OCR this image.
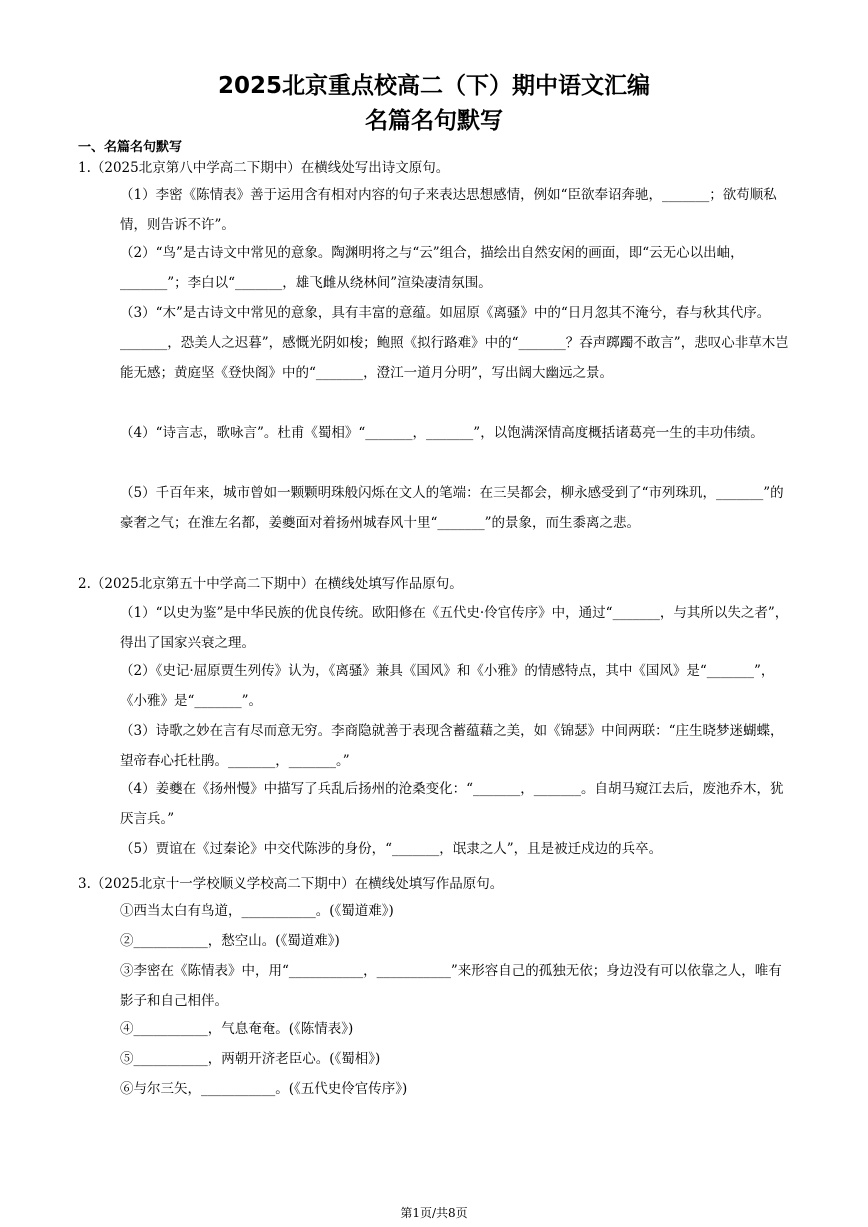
2025北京重点校高二（下）期中语文汇编
名篇名句默写
一、名篇名句默写
1.（2025北京第八中学高二下期中）在横线处写出诗文原句。
（1）李密《陈情表》善于运用含有相对内容的句子来表达思想感情，例如“臣欲奉诏奔驰，_______；欲苟顺私情，则告诉不许”。
（2）“鸟”是古诗文中常见的意象。陶渊明将之与“云”组合，描绘出自然安闲的画面，即“云无心以出岫，_______”；李白以“_______，雄飞雌从绕林间”渲染凄清氛围。
（3）“木”是古诗文中常见的意象，具有丰富的意蕴。如屈原《离骚》中的“日月忽其不淹兮，春与秋其代序。_______，恐美人之迟暮”，感慨光阴如梭；鲍照《拟行路难》中的“_______？吞声踯躅不敢言”，悲叹心非草木岂能无感；黄庭坚《登快阁》中的“_______，澄江一道月分明”，写出阔大幽远之景。
（4）“诗言志，歌咏言”。杜甫《蜀相》“_______，_______”，以饱满深情高度概括诸葛亮一生的丰功伟绩。
（5）千百年来，城市曾如一颗颗明珠般闪烁在文人的笔端：在三吴都会，柳永感受到了“市列珠玑，_______”的豪奢之气；在淮左名都，姜夔面对着扬州城春风十里“_______”的景象，而生黍离之悲。
2.（2025北京第五十中学高二下期中）在横线处填写作品原句。
（1）“以史为鉴”是中华民族的优良传统。欧阳修在《五代史·伶官传序》中，通过“_______，与其所以失之者”，得出了国家兴衰之理。
（2）《史记·屈原贾生列传》认为，《离骚》兼具《国风》和《小雅》的情感特点，其中《国风》是“_______”，《小雅》是“_______”。
（3）诗歌之妙在言有尽而意无穷。李商隐就善于表现含蓄蕴藉之美，如《锦瑟》中间两联：“庄生晓梦迷蝴蝶，望帝春心托杜鹃。_______，_______。”
（4）姜夔在《扬州慢》中描写了兵乱后扬州的沧桑变化：“_______，_______。自胡马窥江去后，废池乔木，犹厌言兵。”
（5）贾谊在《过秦论》中交代陈涉的身份，“_______，氓隶之人”，且是被迁戍边的兵卒。
3.（2025北京十一学校顺义学校高二下期中）在横线处填写作品原句。
①西当太白有鸟道，___________。(《蜀道难》)
②___________，愁空山。(《蜀道难》)
③李密在《陈情表》中，用“___________，___________”来形容自己的孤独无依；身边没有可以依靠之人，唯有影子和自己相伴。
④___________，气息奄奄。(《陈情表》)
⑤___________，两朝开济老臣心。(《蜀相》)
⑥与尔三矢，___________。(《五代史伶官传序》)
第1页/共8页
